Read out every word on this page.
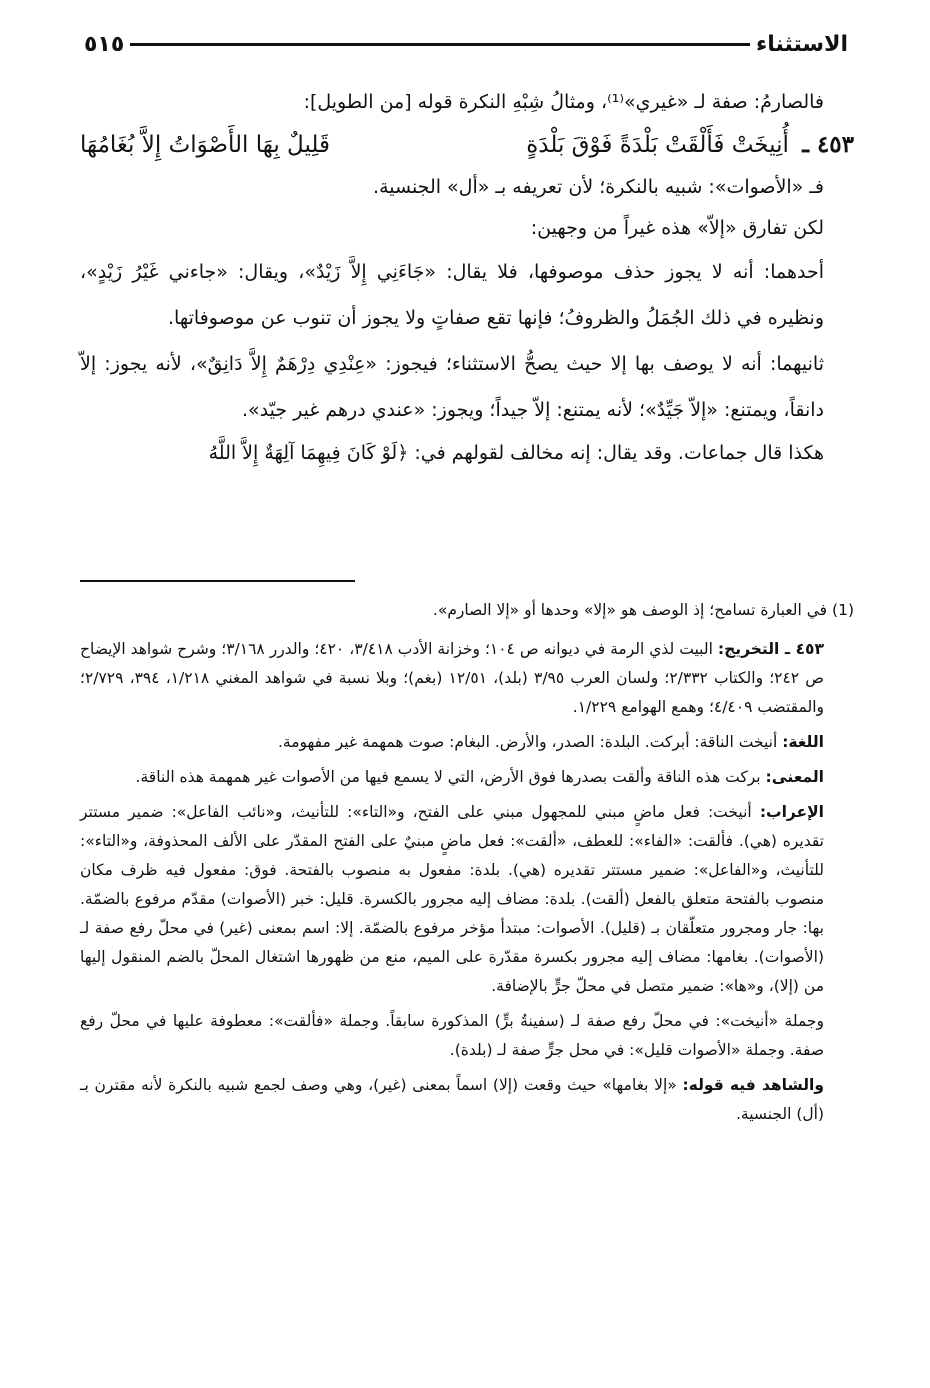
الاستثناء
٥١٥

فالصارمُ: صفة لـ «غيري»⁽¹⁾، ومثالُ شِبْهِ النكرة قوله [من الطويل]:

٤٥٣ ـ أُنِيخَتْ فَأَلْقَتْ بَلْدَةً فَوْقَ بَلْدَةٍ
قَلِيلٌ بِهَا الأَصْوَاتُ إِلاَّ بُغَامُهَا

فـ «الأصوات»: شبيه بالنكرة؛ لأن تعريفه بـ «أل» الجنسية.

لكن تفارق «إلاّ» هذه غيراً من وجهين:

أحدهما: أنه لا يجوز حذف موصوفها، فلا يقال: «جَاءَنِي إِلاَّ زَيْدٌ»، ويقال: «جاءني غَيْرُ زَيْدٍ»، ونظيره في ذلك الجُمَلُ والظروفُ؛ فإنها تقع صفاتٍ ولا يجوز أن تنوب عن موصوفاتها.

ثانيهما: أنه لا يوصف بها إلا حيث يصحُّ الاستثناء؛ فيجوز: «عِنْدِي دِرْهَمٌ إِلاَّ دَانِقٌ»، لأنه يجوز: إلاّ دانقاً، ويمتنع: «إلاّ جَيِّدٌ»؛ لأنه يمتنع: إلاّ جيداً؛ ويجوز: «عندي درهم غير جيّد».

هكذا قال جماعات. وقد يقال: إنه مخالف لقولهم في: ﴿لَوْ كَانَ فِيهِمَا آلِهَةٌ إِلاَّ اللَّهُ

(1) في العبارة تسامح؛ إذ الوصف هو «إلا» وحدها أو «إلا الصارم».

٤٥٣ ـ التخريج: البيت لذي الرمة في ديوانه ص ١٠٤؛ وخزانة الأدب ٣/٤١٨، ٤٢٠؛ والدرر ٣/١٦٨؛ وشرح شواهد الإيضاح ص ٢٤٢؛ والكتاب ٢/٣٣٢؛ ولسان العرب ٣/٩٥ (بلد)، ١٢/٥١ (بغم)؛ وبلا نسبة في شواهد المغني ١/٢١٨، ٣٩٤، ٢/٧٢٩؛ والمقتضب ٤/٤٠٩؛ وهمع الهوامع ١/٢٢٩.

اللغة: أنيخت الناقة: أبركت. البلدة: الصدر، والأرض. البغام: صوت همهمة غير مفهومة.

المعنى: بركت هذه الناقة وألقت بصدرها فوق الأرض، التي لا يسمع فيها من الأصوات غير همهمة هذه الناقة.

الإعراب: أنيخت: فعل ماضٍ مبني للمجهول مبني على الفتح، و«التاء»: للتأنيث، و«نائب الفاعل»: ضمير مستتر تقديره (هي). فألقت: «الفاء»: للعطف، «ألقت»: فعل ماضٍ مبنيٌ على الفتح المقدّر على الألف المحذوفة، و«التاء»: للتأنيث، و«الفاعل»: ضمير مستتر تقديره (هي). بلدة: مفعول به منصوب بالفتحة. فوق: مفعول فيه ظرف مكان منصوب بالفتحة متعلق بالفعل (ألقت). بلدة: مضاف إليه مجرور بالكسرة. قليل: خبر (الأصوات) مقدّم مرفوع بالضمّة. بها: جار ومجرور متعلّقان بـ (قليل). الأصوات: مبتدأ مؤخر مرفوع بالضمّة. إلا: اسم بمعنى (غير) في محلّ رفع صفة لـ (الأصوات). بغامها: مضاف إليه مجرور بكسرة مقدّرة على الميم، منع من ظهورها اشتغال المحلّ بالضم المنقول إليها من (إلا)، و«ها»: ضمير متصل في محلّ جرٍّ بالإضافة.

وجملة «أنيخت»: في محلّ رفع صفة لـ (سفينةُ برٍّ) المذكورة سابقاً. وجملة «فألقت»: معطوفة عليها في محلّ رفع صفة. وجملة «الأصوات قليل»: في محل جرٍّ صفة لـ (بلدة).

والشاهد فيه قوله: «إلا بغامها» حيث وقعت (إلا) اسماً بمعنى (غير)، وهي وصف لجمع شبيه بالنكرة لأنه مقترن بـ (أل) الجنسية.
